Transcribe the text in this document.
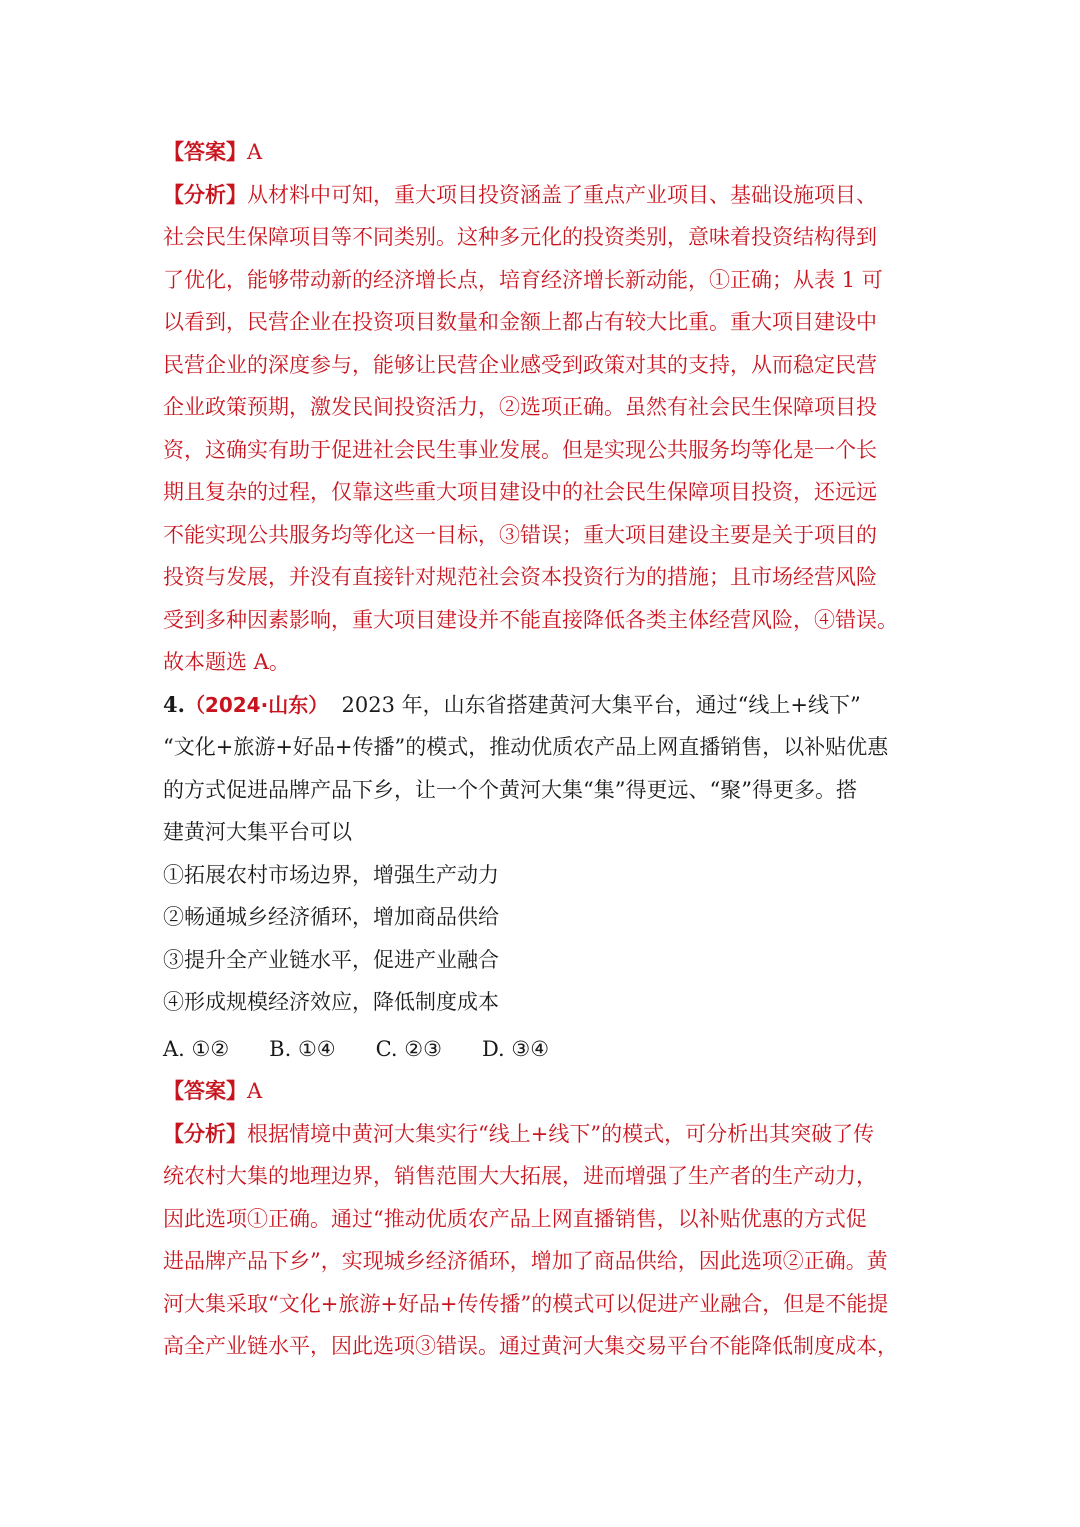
【答案】A
【分析】从材料中可知，重大项目投资涵盖了重点产业项目、基础设施项目、
社会民生保障项目等不同类别。这种多元化的投资类别，意味着投资结构得到
了优化，能够带动新的经济增长点，培育经济增长新动能，①正确；从表 1 可
以看到，民营企业在投资项目数量和金额上都占有较大比重。重大项目建设中
民营企业的深度参与，能够让民营企业感受到政策对其的支持，从而稳定民营
企业政策预期，激发民间投资活力，②选项正确。虽然有社会民生保障项目投
资，这确实有助于促进社会民生事业发展。但是实现公共服务均等化是一个长
期且复杂的过程，仅靠这些重大项目建设中的社会民生保障项目投资，还远远
不能实现公共服务均等化这一目标，③错误；重大项目建设主要是关于项目的
投资与发展，并没有直接针对规范社会资本投资行为的措施；且市场经营风险
受到多种因素影响，重大项目建设并不能直接降低各类主体经营风险，④错误。
故本题选 A。
4.（2024·山东）  2023 年，山东省搭建黄河大集平台，通过“线上+线下”
“文化+旅游+好品+传播”的模式，推动优质农产品上网直播销售，以补贴优惠
的方式促进品牌产品下乡，让一个个黄河大集“集”得更远、“聚”得更多。搭
建黄河大集平台可以
①拓展农村市场边界，增强生产动力
②畅通城乡经济循环，增加商品供给
③提升全产业链水平，促进产业融合
④形成规模经济效应，降低制度成本
A. ①② B. ①④ C. ②③ D. ③④
【答案】A
【分析】根据情境中黄河大集实行“线上+线下”的模式，可分析出其突破了传
统农村大集的地理边界，销售范围大大拓展，进而增强了生产者的生产动力，
因此选项①正确。通过“推动优质农产品上网直播销售，以补贴优惠的方式促
进品牌产品下乡”，实现城乡经济循环，增加了商品供给，因此选项②正确。黄
河大集采取“文化+旅游+好品+传传播”的模式可以促进产业融合，但是不能提
高全产业链水平，因此选项③错误。通过黄河大集交易平台不能降低制度成本，
